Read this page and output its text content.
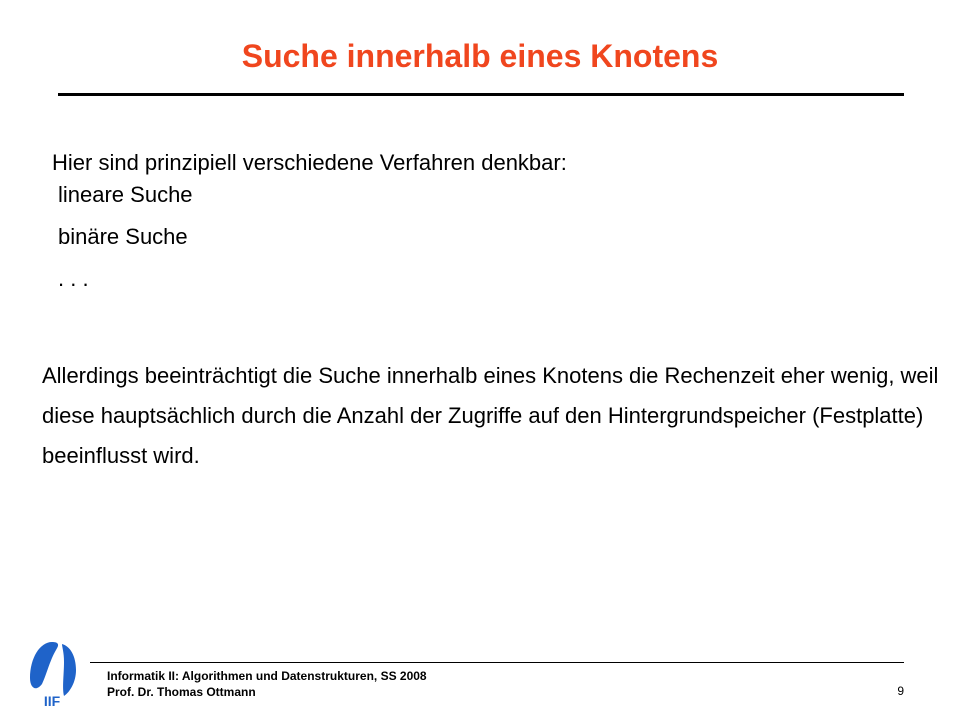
Suche innerhalb eines Knotens
Hier sind prinzipiell verschiedene Verfahren denkbar:
lineare Suche
binäre Suche
. . .
Allerdings beeinträchtigt die Suche innerhalb eines Knotens die Rechenzeit eher wenig, weil diese hauptsächlich durch die Anzahl der Zugriffe auf den Hintergrundspeicher (Festplatte) beeinflusst wird.
IIF
Informatik II: Algorithmen und Datenstrukturen, SS 2008
Prof. Dr. Thomas Ottmann	9
